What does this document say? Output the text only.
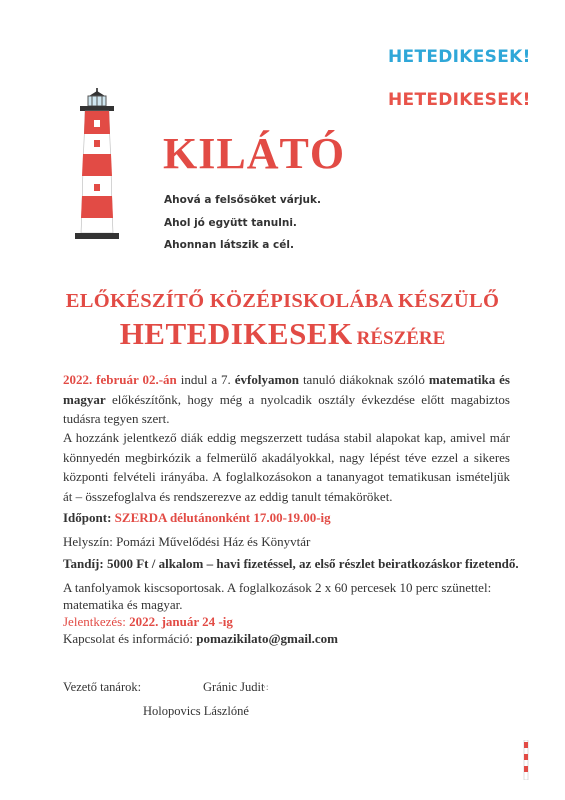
HETEDIKESEK!
HETEDIKESEK!
KILÁTÓ
Ahová a felsősöket várjuk.
Ahol jó együtt tanulni.
Ahonnan látszik a cél.
ELŐKÉSZÍTŐ KÖZÉPISKOLÁBA KÉSZÜLŐ
HETEDIKESEK RÉSZÉRE
2022. február 02.-án indul a 7. évfolyamon tanuló diákoknak szóló matematika és magyar előkészítőnk, hogy még a nyolcadik osztály évkezdése előtt magabiztos tudásra tegyen szert.
A hozzánk jelentkező diák eddig megszerzett tudása stabil alapokat kap, amivel már könnyedén megbirkózik a felmerülő akadályokkal, nagy lépést téve ezzel a sikeres központi felvételi irányába. A foglalkozásokon a tananyagot tematikusan ismételjük át – összefoglalva és rendszerezve az eddig tanult témaköröket.
Időpont: SZERDA délutánonként 17.00-19.00-ig
Helyszín: Pomázi Művelődési Ház és Könyvtár
Tandíj: 5000 Ft / alkalom – havi fizetéssel, az első részlet beiratkozáskor fizetendő.
A tanfolyamok kiscsoportosak. A foglalkozások 2 x 60 percesek 10 perc szünettel:
matematika és magyar.
Jelentkezés: 2022. január 24 -ig
Kapcsolat és információ: pomazikilato@gmail.com
Vezető tanárok:	Gránic Judit
·:
Holopovics Lászlóné
